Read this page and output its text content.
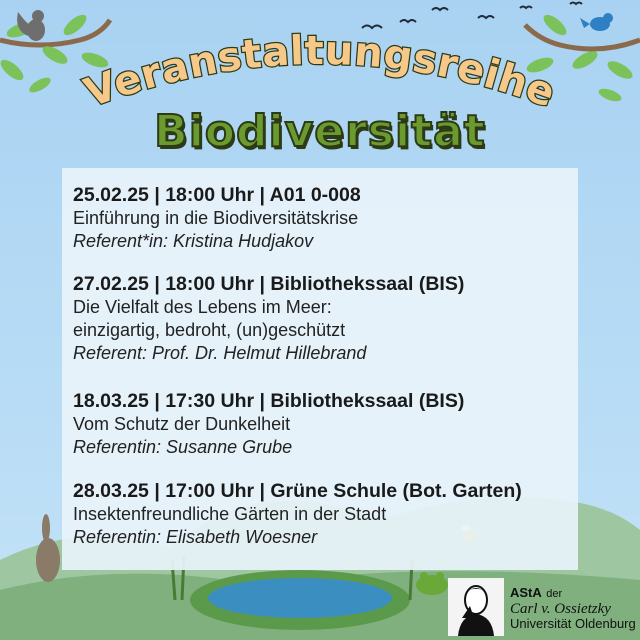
Veranstaltungsreihe
Biodiversität
25.02.25 | 18:00 Uhr | A01 0-008
Einführung in die Biodiversitätskrise
Referent*in: Kristina Hudjakov
27.02.25 | 18:00 Uhr | Bibliothekssaal (BIS)
Die Vielfalt des Lebens im Meer:
einzigartig, bedroht, (un)geschützt
Referent: Prof. Dr. Helmut Hillebrand
18.03.25 | 17:30 Uhr | Bibliothekssaal (BIS)
Vom Schutz der Dunkelheit
Referentin: Susanne Grube
28.03.25 | 17:00 Uhr | Grüne Schule (Bot. Garten)
Insektenfreundliche Gärten in der Stadt
Referentin: Elisabeth Woesner
AStA der
Carl v. Ossietzky
Universität Oldenburg
